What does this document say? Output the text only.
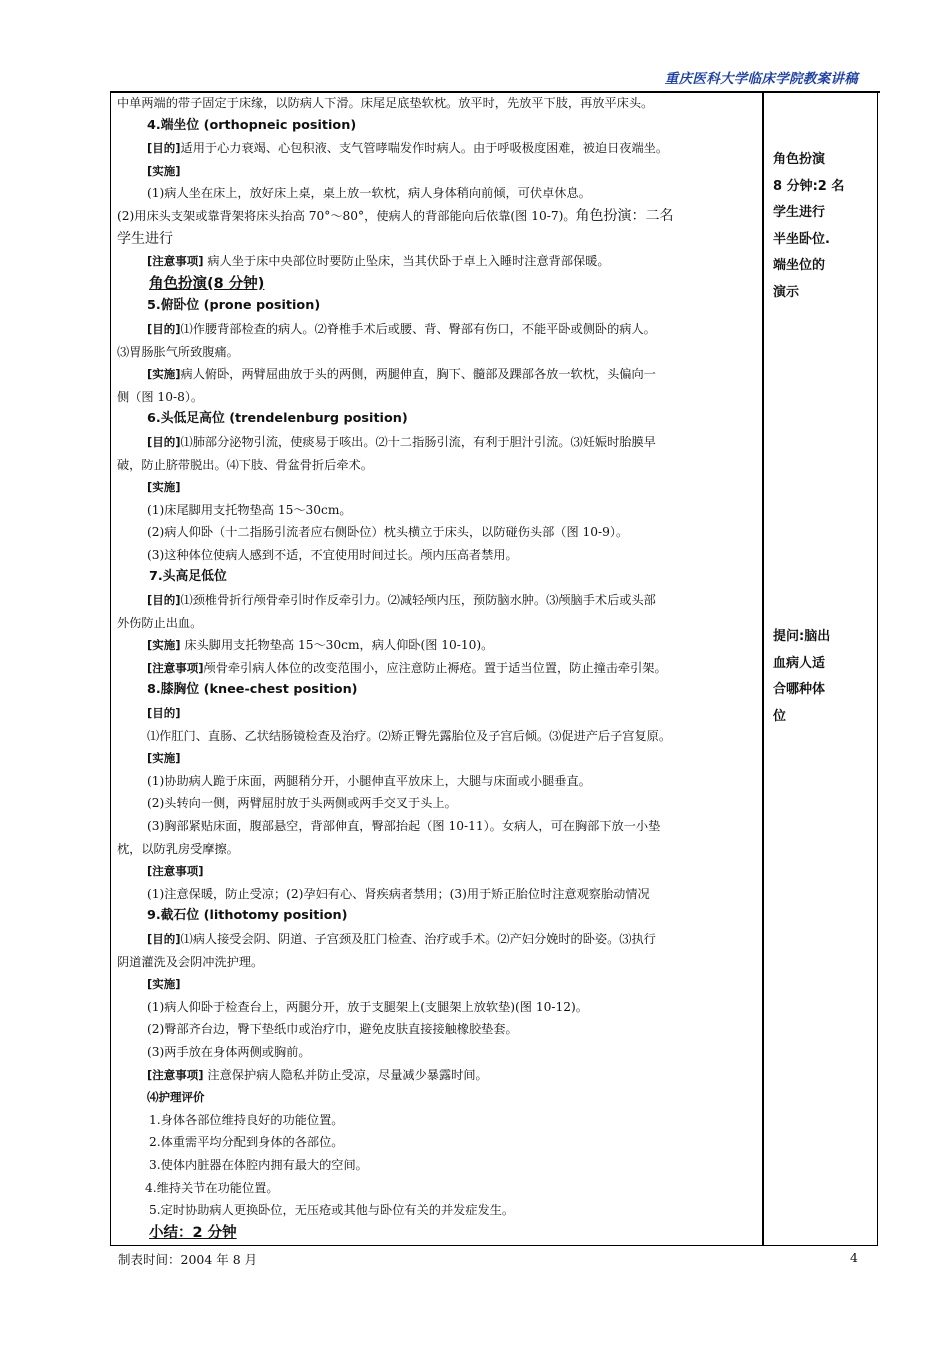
重庆医科大学临床学院教案讲稿
中单两端的带子固定于床缘，以防病人下滑。床尾足底垫软枕。放平时，先放平下肢，再放平床头。
4.端坐位 (orthopneic position)
[目的]适用于心力衰竭、心包积液、支气管哮喘发作时病人。由于呼吸极度困难，被迫日夜端坐。
[实施]
(1)病人坐在床上，放好床上桌，桌上放一软枕，病人身体稍向前倾，可伏卓休息。
(2)用床头支架或靠背架将床头抬高 70°～80°，使病人的背部能向后依靠(图 10-7)。角色扮演：二名
学生进行
[注意事项] 病人坐于床中央部位时要防止坠床，当其伏卧于卓上入睡时注意背部保暖。
角色扮演(8 分钟)
5.俯卧位 (prone position)
[目的]⑴作腰背部检查的病人。⑵脊椎手术后或腰、背、臀部有伤口，不能平卧或侧卧的病人。
⑶胃肠胀气所致腹痛。
[实施]病人俯卧，两臂屈曲放于头的两侧，两腿伸直，胸下、髓部及踝部各放一软枕，头偏向一
侧（图 10-8）。
6.头低足高位 (trendelenburg position)
[目的]⑴肺部分泌物引流，使痰易于咳出。⑵十二指肠引流，有利于胆汁引流。⑶妊娠时胎膜早
破，防止脐带脱出。⑷下肢、骨盆骨折后牵术。
[实施]
(1)床尾脚用支托物垫高 15～30cm。
(2)病人仰卧（十二指肠引流者应右侧卧位）枕头横立于床头，以防碰伤头部（图 10-9）。
(3)这种体位使病人感到不适，不宜使用时间过长。颅内压高者禁用。
7.头高足低位
[目的]⑴颈椎骨折行颅骨牵引时作反牵引力。⑵减轻颅内压，预防脑水肿。⑶颅脑手术后或头部
外伤防止出血。
[实施] 床头脚用支托物垫高 15～30cm，病人仰卧(图 10-10)。
[注意事项]颅骨牵引病人体位的改变范围小，应注意防止褥疮。置于适当位置，防止撞击牵引架。
8.膝胸位 (knee-chest position)
[目的]
⑴作肛门、直肠、乙状结肠镜检查及治疗。⑵矫正臀先露胎位及子宫后倾。⑶促进产后子宫复原。
[实施]
(1)协助病人跪于床面，两腿稍分开，小腿伸直平放床上，大腿与床面或小腿垂直。
(2)头转向一侧，两臂屈肘放于头两侧或两手交叉于头上。
(3)胸部紧贴床面，腹部悬空，背部伸直，臀部抬起（图 10-11）。女病人，可在胸部下放一小垫
枕，以防乳房受摩擦。
[注意事项]
(1)注意保暖，防止受凉；(2)孕妇有心、肾疾病者禁用；(3)用于矫正胎位时注意观察胎动情况
9.截石位 (lithotomy position)
[目的]⑴病人接受会阴、阴道、子宫颈及肛门检查、治疗或手术。⑵产妇分娩时的卧姿。⑶执行
阴道灌洗及会阴冲洗护理。
[实施]
(1)病人仰卧于检查台上，两腿分开，放于支腿架上(支腿架上放软垫)(图 10-12)。
(2)臀部齐台边，臀下垫纸巾或治疗巾，避免皮肤直接接触橡胶垫套。
(3)两手放在身体两侧或胸前。
[注意事项] 注意保护病人隐私并防止受凉，尽量减少暴露时间。
⑷护理评价
1.身体各部位维持良好的功能位置。
2.体重需平均分配到身体的各部位。
3.使体内脏器在体腔内拥有最大的空间。
4.维持关节在功能位置。
5.定时协助病人更换卧位，无压疮或其他与卧位有关的并发症发生。
小结：2 分钟
角色扮演
8 分钟:2 名
学生进行
半坐卧位.
端坐位的
演示
提问:脑出
血病人适
合哪种体
位
制表时间：2004 年 8 月	4
